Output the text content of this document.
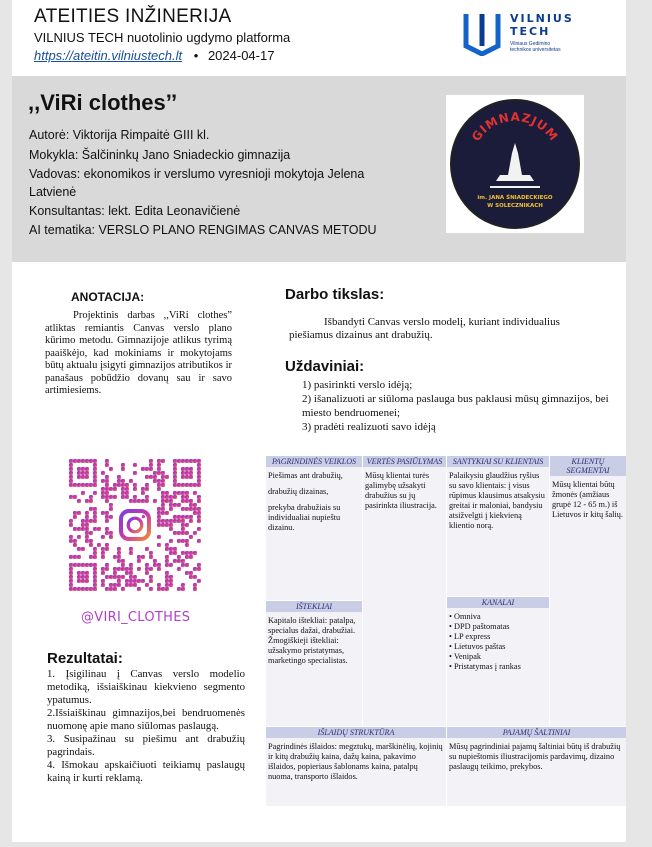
ATEITIES INŽINERIJA
VILNIUS TECH nuotolinio ugdymo platforma
https://ateitin.vilniustech.lt • 2024-04-17
VILNIUS
TECH
Vilniaus Gedimino
technikos universitetas
,,ViRi clothes’’
Autorė: Viktorija Rimpaitė GIII kl.
Mokykla: Šalčininkų Jano Sniadeckio gimnazija
Vadovas: ekonomikos ir verslumo vyresnioji mokytoja Jelena
Latvienė
Konsultantas: lekt. Edita Leonavičienė
AI tematika: VERSLO PLANO RENGIMAS CANVAS METODU
GIMNAZJUM
im. JANA ŚNIADECKIEGO
W SOLECZNIKACH
ANOTACIJA:
Projektinis darbas ,,ViRi clothes” atliktas remiantis Canvas verslo plano kūrimo metodu. Gimnazijoje atlikus tyrimą paaiškėjo, kad mokiniams ir mokytojams būtų aktualu įsigyti gimnazijos atributikos ir panašaus pobūdžio dovanų sau ir savo artimiesiems.
Darbo tikslas:
Išbandyti Canvas verslo modelį, kuriant individualius piešiamus dizainus ant drabužių.
Uždaviniai:
1) pasirinkti verslo idėją;
2) išanalizuoti ar siūloma paslauga bus paklausi mūsų gimnazijos, bei miesto bendruomenei;
3) pradėti realizuoti savo idėją
@VIRI_CLOTHES
Rezultatai:
1. Įsigilinau į Canvas verslo modelio metodiką, išsiaiškinau kiekvieno segmento ypatumus.
2.Išsiaiškinau gimnazijos,bei bendruomenės nuomonę apie mano siūlomas paslaugą.
3. Susipažinau su piešimu ant drabužių pagrindais.
4. Išmokau apskaičiuoti teikiamų paslaugų kainą ir kurti reklamą.
PAGRINDINĖS VEIKLOS

Piešimas ant drabužių,

drabužių dizainas,

prekyba drabužiais su individualiai nupieštu dizainu.

VERTĖS PASIŪLYMAS

Mūsų klientai turės galimybę užsakyti drabužius su jų pasirinkta iliustracija.

SANTYKIAI SU KLIENTAIS

Palaikysiu glaudžius ryšius su savo klientais: į visus rūpimus klausimus atsakysiu greitai ir maloniai, bandysiu atsižvelgti į kiekvieną klientio norą.

KLIENTŲ SEGMENTAI

Mūsų klientai būtų žmonės (amžiaus grupė 12 - 65 m.) iš Lietuvos ir kitų šalių.

IŠTEKLIAI
Kapitalo ištekliai: patalpa, specialus dažai, drabužiai.
Žmogiškieji ištekliai: užsakymo pristatymas, marketingo specialistas.
KANALAI
• Omniva
• DPD paštomatas
• LP express
• Lietuvos paštas
• Venipak
• Pristatymas į rankas
IŠLAIDŲ STRUKTŪRA

Pagrindinės išlaidos: megztukų, marškinėlių, kojinių ir kitų drabužių kaina, dažų kaina, pakavimo išlaidos, popieriaus šablonams kaina, patalpų nuoma, transporto išlaidos.

PAJAMŲ ŠALTINIAI

Mūsų pagrindiniai pajamų šaltiniai būtų iš drabužių su nupieštomis iliustracijomis pardavimų, dizaino paslaugų teikimo, prekybos.
